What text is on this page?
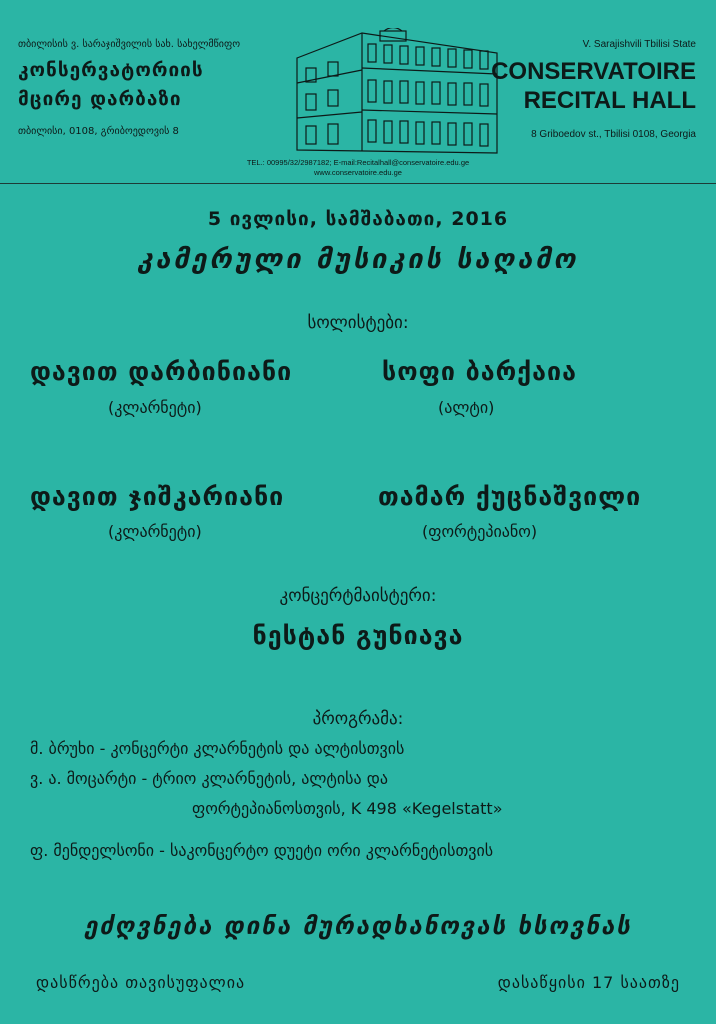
თბილისის ვ. სარაჯიშვილის სახ. სახელმწიფო
კონსერვატორიის
მცირე დარბაზი
თბილისი, 0108, გრიბოედოვის 8
V. Sarajishvili Tbilisi State
CONSERVATOIRE
RECITAL HALL
8 Griboedov st., Tbilisi 0108, Georgia
TEL.: 00995/32/2987182; E-mail:Recitalhall@conservatoire.edu.ge
www.conservatoire.edu.ge
5 ივლისი, სამშაბათი, 2016
კამერული მუსიკის საღამო
სოლისტები:
დავით დარბინიანი
(კლარნეტი)
სოფი ბარქაია
(ალტი)
დავით ჯიშკარიანი
(კლარნეტი)
თამარ ქუცნაშვილი
(ფორტეპიანო)
კონცერტმაისტერი:
ნესტან გუნიავა
პროგრამა:
მ. ბრუხი - კონცერტი კლარნეტის და ალტისთვის
ვ. ა. მოცარტი - ტრიო კლარნეტის, ალტისა და
ფორტეპიანოსთვის, K 498 «Kegelstatt»
ფ. მენდელსონი - საკონცერტო დუეტი ორი კლარნეტისთვის
ეძღვნება დინა მურადხანოვას ხსოვნას
დასწრება თავისუფალია	დასაწყისი 17 საათზე
